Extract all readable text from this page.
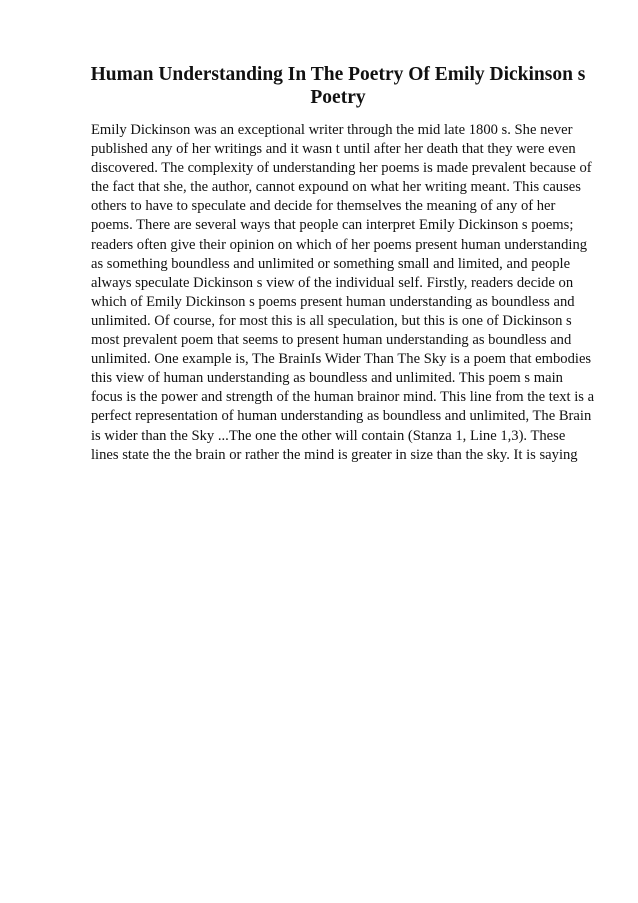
Human Understanding In The Poetry Of Emily Dickinson s
Poetry
Emily Dickinson was an exceptional writer through the mid late 1800 s. She never
published any of her writings and it wasn t until after her death that they were even
discovered. The complexity of understanding her poems is made prevalent because of
the fact that she, the author, cannot expound on what her writing meant. This causes
others to have to speculate and decide for themselves the meaning of any of her
poems. There are several ways that people can interpret Emily Dickinson s poems;
readers often give their opinion on which of her poems present human understanding
as something boundless and unlimited or something small and limited, and people
always speculate Dickinson s view of the individual self. Firstly, readers decide on
which of Emily Dickinson s poems present human understanding as boundless and
unlimited. Of course, for most this is all speculation, but this is one of Dickinson s
most prevalent poem that seems to present human understanding as boundless and
unlimited. One example is, The BrainIs Wider Than The Sky is a poem that embodies
this view of human understanding as boundless and unlimited. This poem s main
focus is the power and strength of the human brainor mind. This line from the text is a
perfect representation of human understanding as boundless and unlimited, The Brain
is wider than the Sky ...The one the other will contain (Stanza 1, Line 1,3). These
lines state the the brain or rather the mind is greater in size than the sky. It is saying
